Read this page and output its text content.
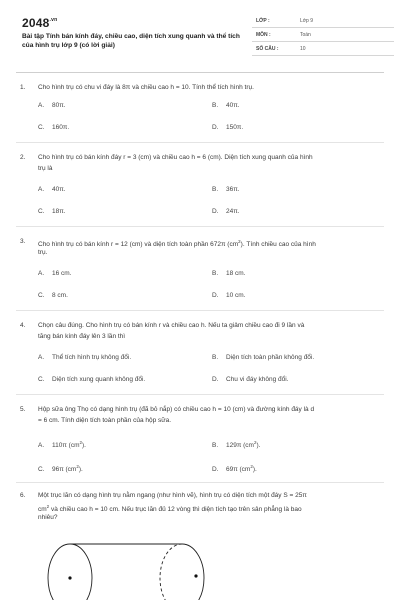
$2048^{.vn}$
Bài tập Tính bán kính đáy, chiều cao, diện tích xung quanh và thể tích của hình trụ lớp 9 (có lời giải)
LỚP :	Lớp 9
MÔN :	Toán
SỐ CÂU :	10
1. Cho hình trụ có chu vi đáy là 8π và chiều cao h = 10. Tính thể tích hình trụ.
A. 80π.	B. 40π.
C. 160π.	D. 150π.
2. Cho hình trụ có bán kính đáy r = 3 (cm) và chiều cao h = 6 (cm). Diện tích xung quanh của hình
trụ là
A. 40π.	B. 36π.
C. 18π.	D. 24π.
3. Cho hình trụ có bán kính r = 12 (cm) và diện tích toàn phần 672π $(cm^2)$. Tính chiều cao của hình
trụ.
A. 16 cm.	B. 18 cm.
C. 8 cm.	D. 10 cm.
4. Chọn câu đúng. Cho hình trụ có bán kính r và chiều cao h. Nếu ta giảm chiều cao đi 9 lần và
tăng bán kính đáy lên 3 lần thì
A. Thể tích hình trụ không đổi.	B. Diện tích toàn phần không đổi.
C. Diện tích xung quanh không đổi.	D. Chu vi đáy không đổi.
5. Hộp sữa ông Thọ có dạng hình trụ (đã bỏ nắp) có chiều cao h = 10 (cm) và đường kính đáy là d
= 6 cm. Tính diện tích toàn phần của hộp sữa.
A. 110π $(cm^2)$.	B. 129π $(cm^2)$.
C. 96π $(cm^2)$.	D. 69π $(cm^2)$.
6. Một trục lăn có dạng hình trụ nằm ngang (như hình vẽ), hình trụ có diện tích một đáy S = 25π
$cm^2$ và chiều cao h = 10 cm. Nếu trục lăn đủ 12 vòng thì diện tích tạo trên sân phẳng là bao
nhiêu?
